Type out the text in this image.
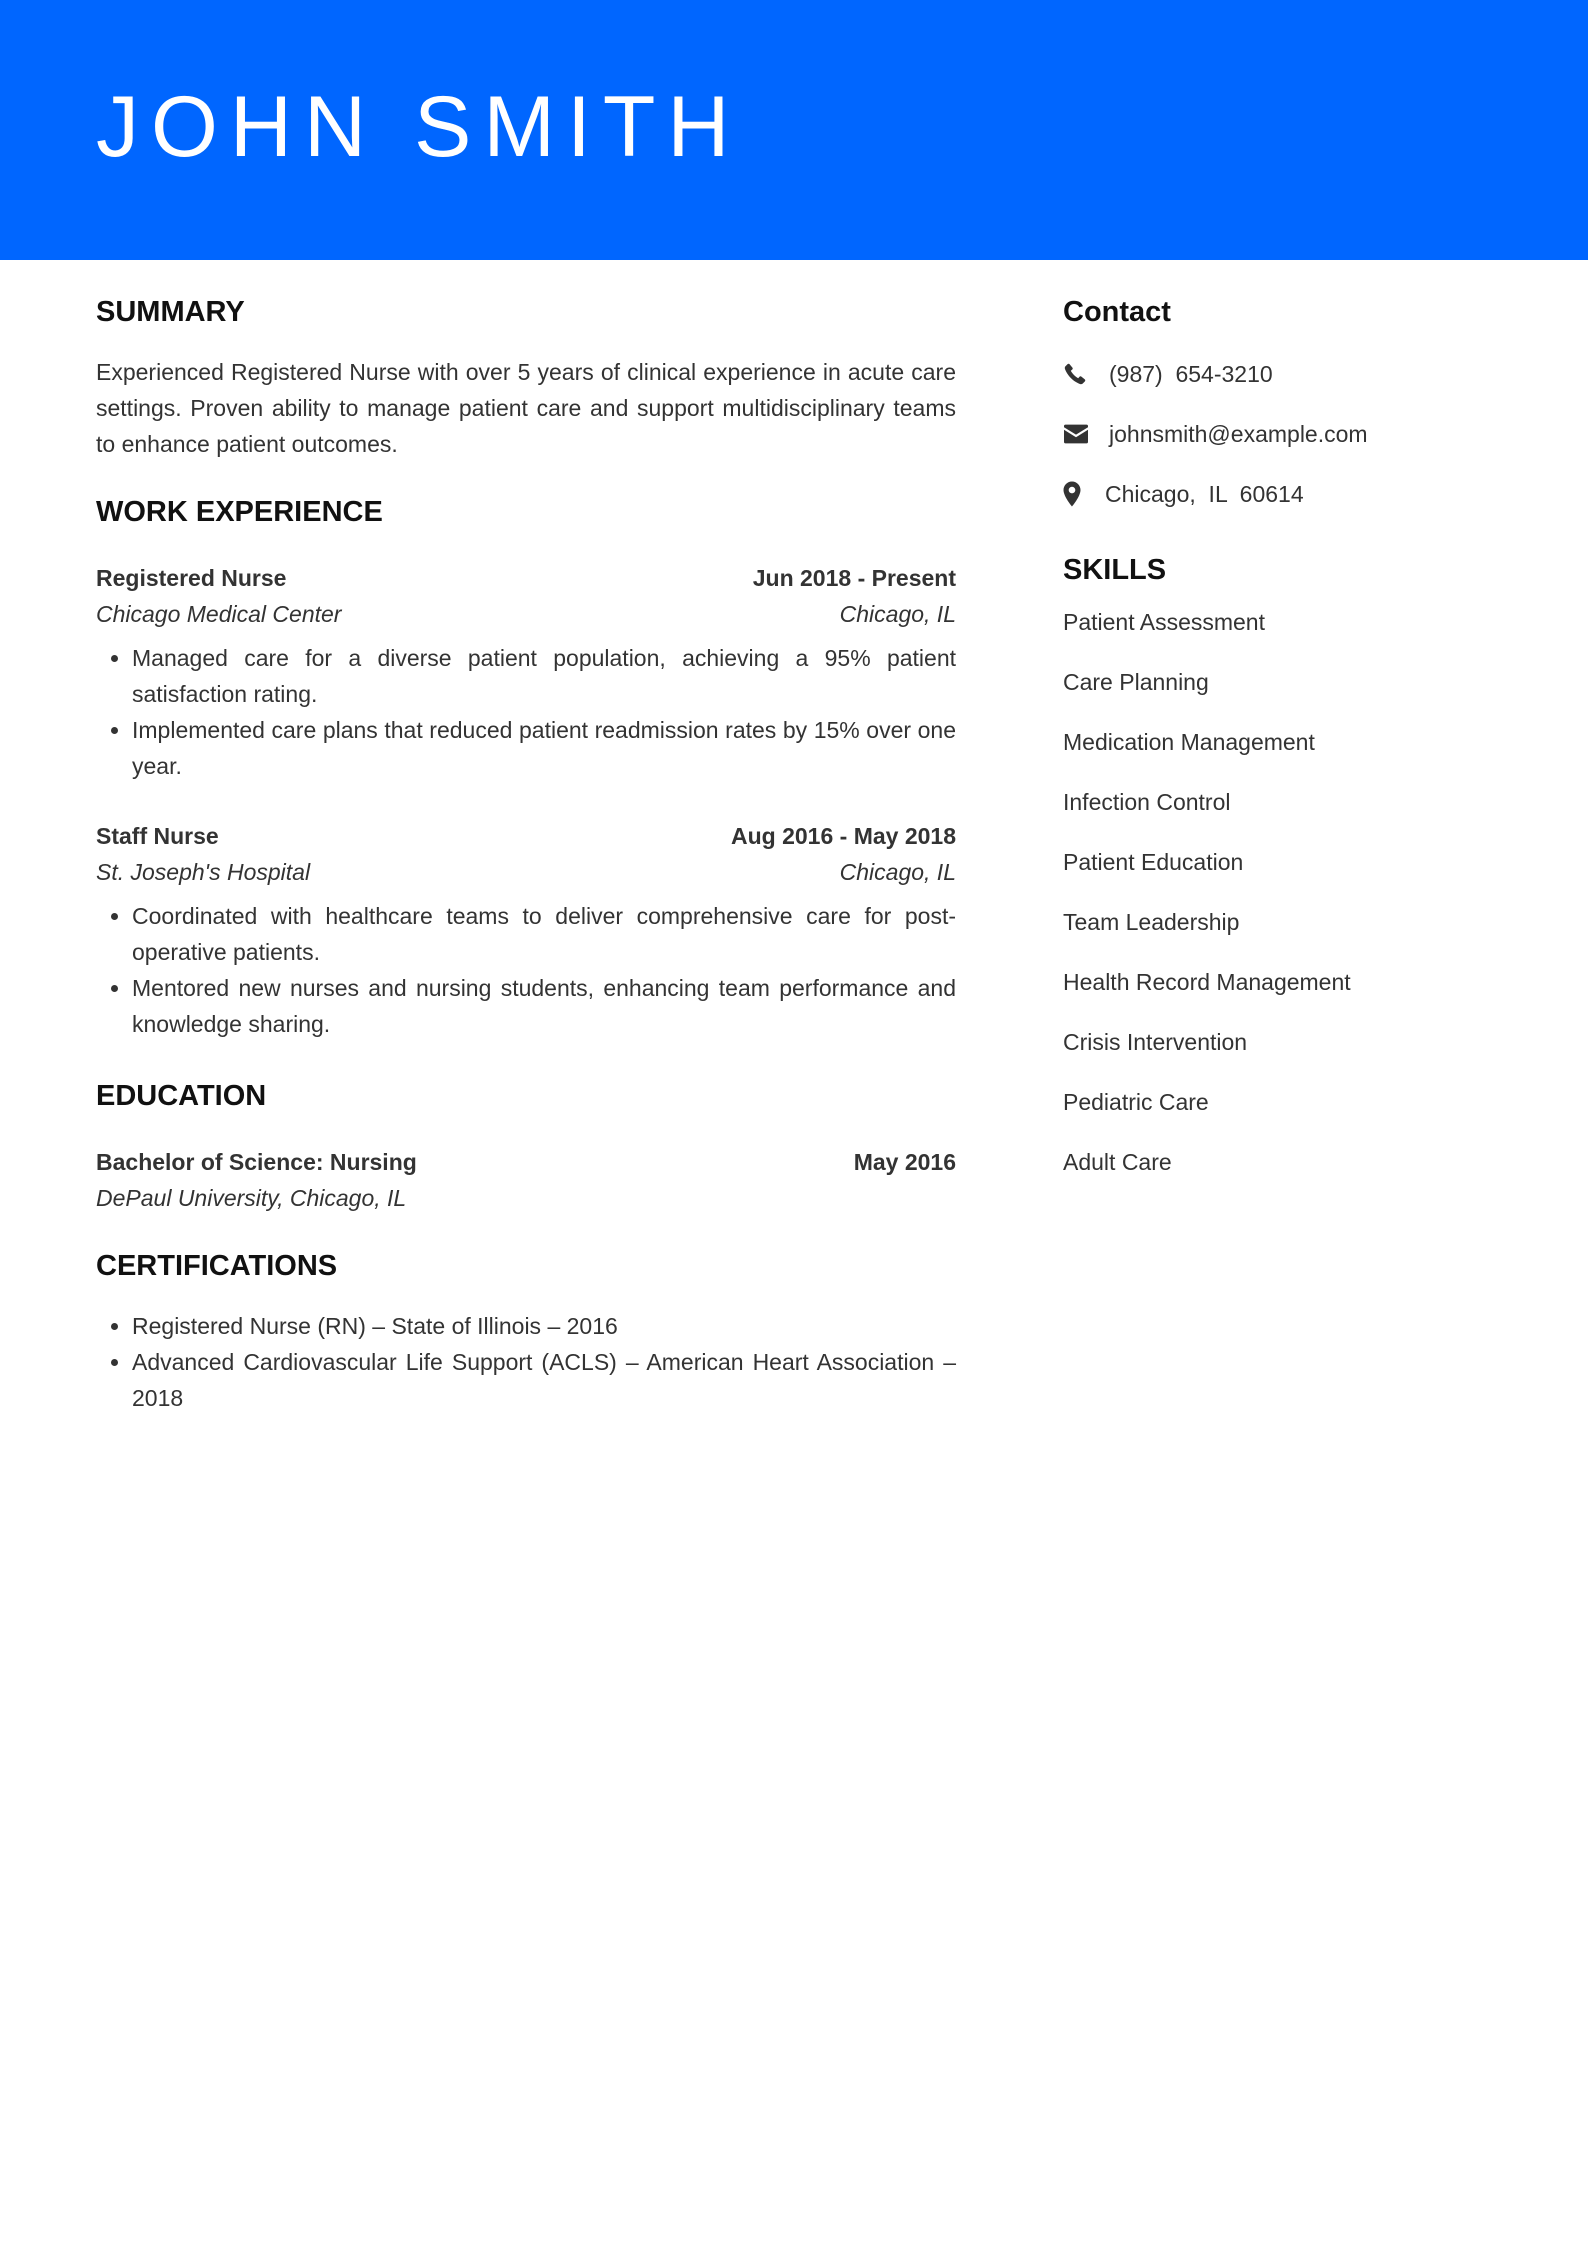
JOHN SMITH
SUMMARY

Experienced Registered Nurse with over 5 years of clinical experience in acute care settings. Proven ability to manage patient care and support multidisciplinary teams to enhance patient outcomes.

WORK EXPERIENCE
Registered Nurse	Jun 2018 - Present
Chicago Medical Center	Chicago, IL
• Managed care for a diverse patient population, achieving a 95% patient satisfaction rating.
• Implemented care plans that reduced patient readmission rates by 15% over one year.
Staff Nurse	Aug 2016 - May 2018
St. Joseph's Hospital	Chicago, IL
• Coordinated with healthcare teams to deliver comprehensive care for post-operative patients.
• Mentored new nurses and nursing students, enhancing team performance and knowledge sharing.
EDUCATION
Bachelor of Science: Nursing	May 2016
DePaul University, Chicago, IL
CERTIFICATIONS
• Registered Nurse (RN) – State of Illinois – 2016
• Advanced Cardiovascular Life Support (ACLS) – American Heart Association – 2018
Contact
(987)  654-3210
johnsmith@example.com
Chicago,  IL  60614
SKILLS
Patient Assessment
Care Planning
Medication Management
Infection Control
Patient Education
Team Leadership
Health Record Management
Crisis Intervention
Pediatric Care
Adult Care
